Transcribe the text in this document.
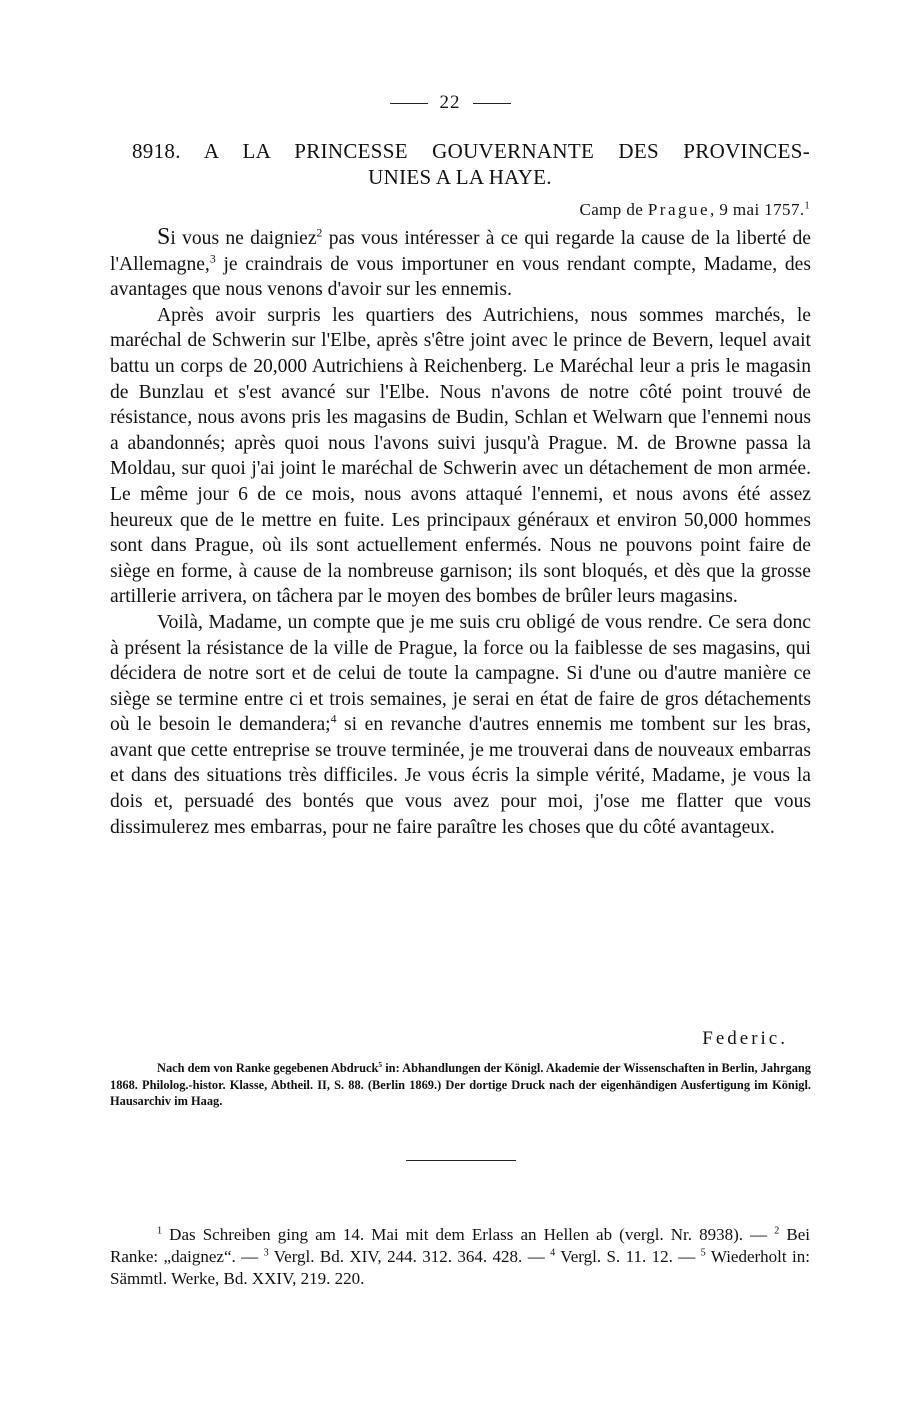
22
8918. A LA PRINCESSE GOUVERNANTE DES PROVINCES-
UNIES A LA HAYE.
Camp de Prague, 9 mai 1757.$^1$

Si vous ne daigniez$^2$ pas vous intéresser à ce qui regarde la cause de la liberté de l'Allemagne,$^3$ je craindrais de vous importuner en vous rendant compte, Madame, des avantages que nous venons d'avoir sur les ennemis.

Après avoir surpris les quartiers des Autrichiens, nous sommes marchés, le maréchal de Schwerin sur l'Elbe, après s'être joint avec le prince de Bevern, lequel avait battu un corps de 20,000 Autrichiens à Reichenberg. Le Maréchal leur a pris le magasin de Bunzlau et s'est avancé sur l'Elbe. Nous n'avons de notre côté point trouvé de résistance, nous avons pris les magasins de Budin, Schlan et Welwarn que l'ennemi nous a abandonnés; après quoi nous l'avons suivi jusqu'à Prague. M. de Browne passa la Moldau, sur quoi j'ai joint le maréchal de Schwerin avec un détachement de mon armée. Le même jour 6 de ce mois, nous avons attaqué l'ennemi, et nous avons été assez heureux que de le mettre en fuite. Les principaux généraux et environ 50,000 hommes sont dans Prague, où ils sont actuellement enfermés. Nous ne pouvons point faire de siège en forme, à cause de la nombreuse garnison; ils sont bloqués, et dès que la grosse artillerie arrivera, on tâchera par le moyen des bombes de brûler leurs magasins.

Voilà, Madame, un compte que je me suis cru obligé de vous rendre. Ce sera donc à présent la résistance de la ville de Prague, la force ou la faiblesse de ses magasins, qui décidera de notre sort et de celui de toute la campagne. Si d'une ou d'autre manière ce siège se termine entre ci et trois semaines, je serai en état de faire de gros détachements où le besoin le demandera;$^4$ si en revanche d'autres ennemis me tombent sur les bras, avant que cette entreprise se trouve terminée, je me trouverai dans de nouveaux embarras et dans des situations très difficiles. Je vous écris la simple vérité, Madame, je vous la dois et, persuadé des bontés que vous avez pour moi, j'ose me flatter que vous dissimulerez mes embarras, pour ne faire paraître les choses que du côté avantageux.

Federic.
Nach dem von Ranke gegebenen Abdruck$^5$ in: Abhandlungen der Königl. Akademie der Wissenschaften in Berlin, Jahrgang 1868. Philolog.-histor. Klasse, Abtheil. II, S. 88. (Berlin 1869.) Der dortige Druck nach der eigenhändigen Ausfertigung im Königl. Hausarchiv im Haag.
$^1$ Das Schreiben ging am 14. Mai mit dem Erlass an Hellen ab (vergl. Nr. 8938). — $^2$ Bei Ranke: „daignez“. — $^3$ Vergl. Bd. XIV, 244. 312. 364. 428. — $^4$ Vergl. S. 11. 12. — $^5$ Wiederholt in: Sämmtl. Werke, Bd. XXIV, 219. 220.
